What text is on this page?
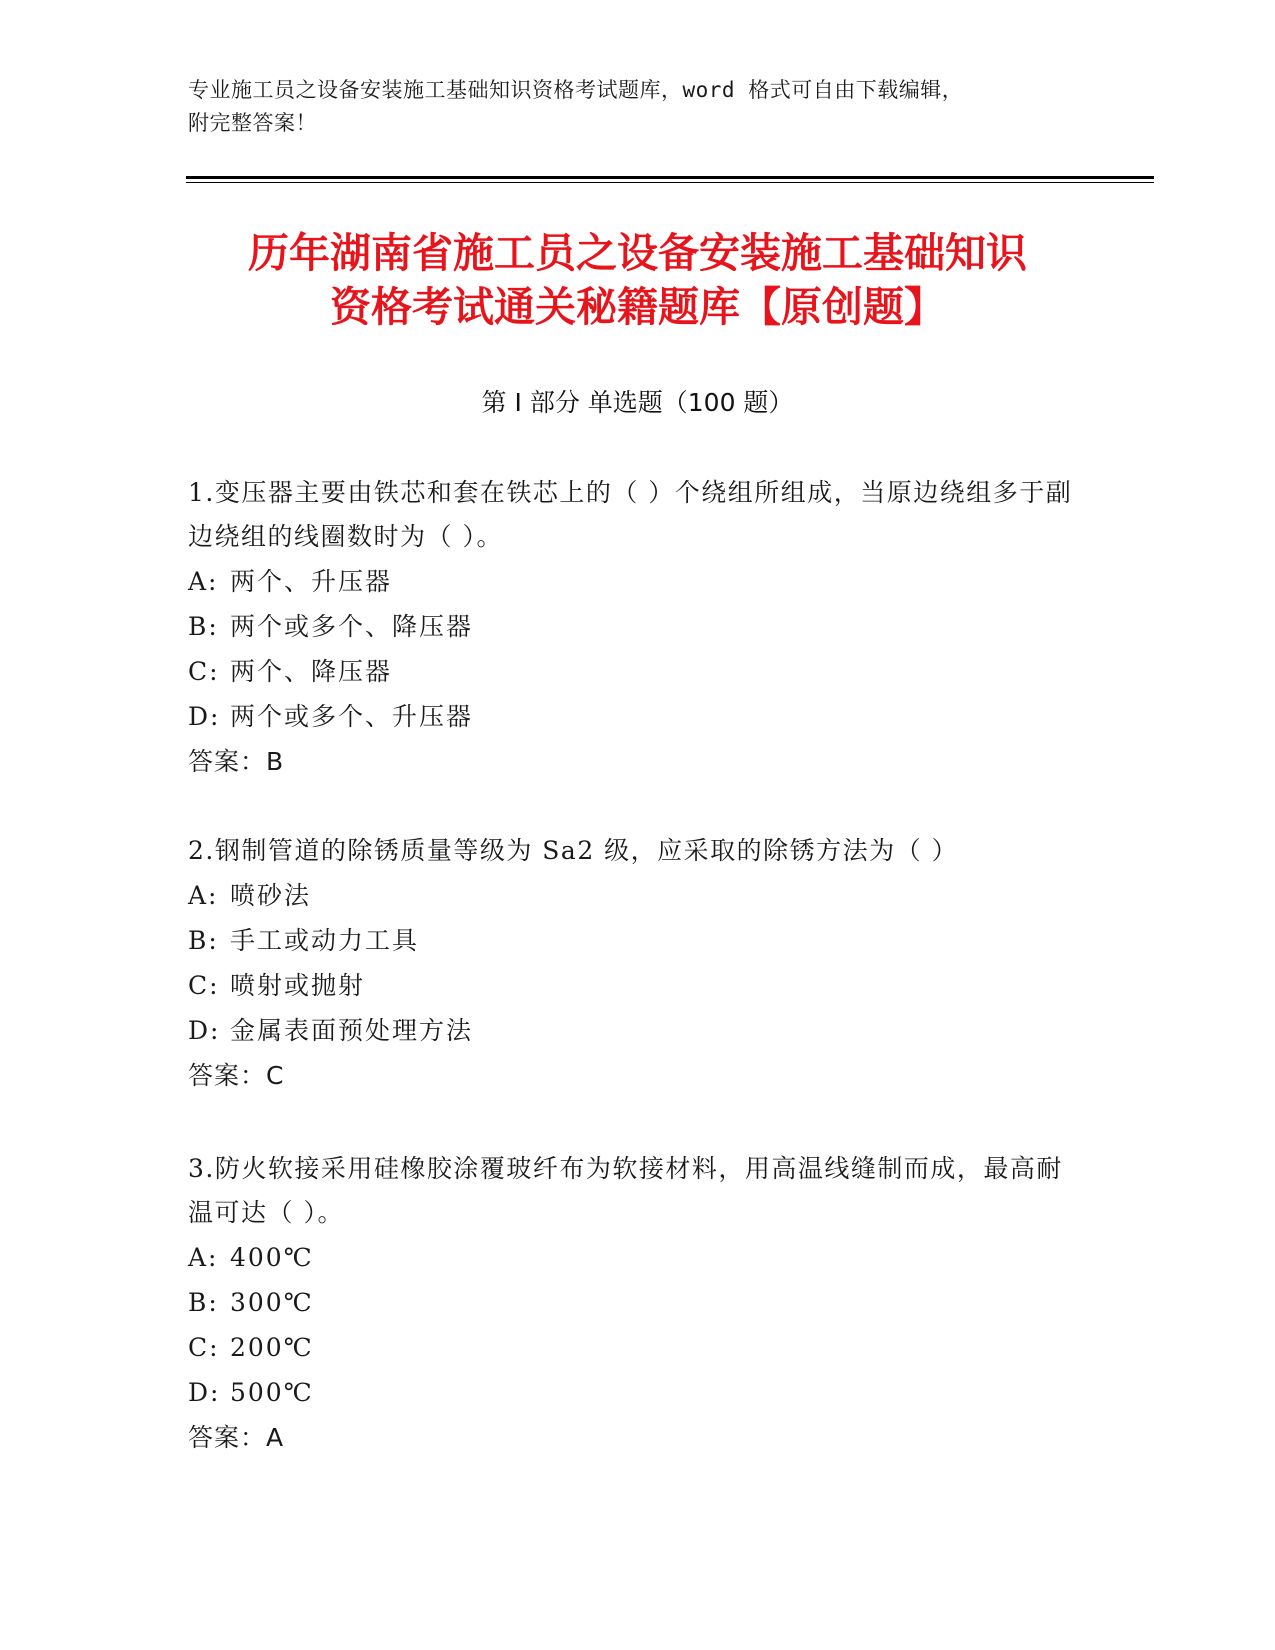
专业施工员之设备安装施工基础知识资格考试题库，word 格式可自由下载编辑，
附完整答案！
历年湖南省施工员之设备安装施工基础知识
资格考试通关秘籍题库【原创题】
第 I 部分 单选题（100 题）

1.变压器主要由铁芯和套在铁芯上的（ ）个绕组所组成，当原边绕组多于副边绕组的线圈数时为（ ）。

A: 两个、升压器

B: 两个或多个、降压器

C: 两个、降压器

D: 两个或多个、升压器

答案：B

2.钢制管道的除锈质量等级为 Sa2 级，应采取的除锈方法为（ ）

A: 喷砂法

B: 手工或动力工具

C: 喷射或抛射

D: 金属表面预处理方法

答案：C

3.防火软接采用硅橡胶涂覆玻纤布为软接材料，用高温线缝制而成，最高耐温可达（ ）。

A: 400℃

B: 300℃

C: 200℃

D: 500℃

答案：A
